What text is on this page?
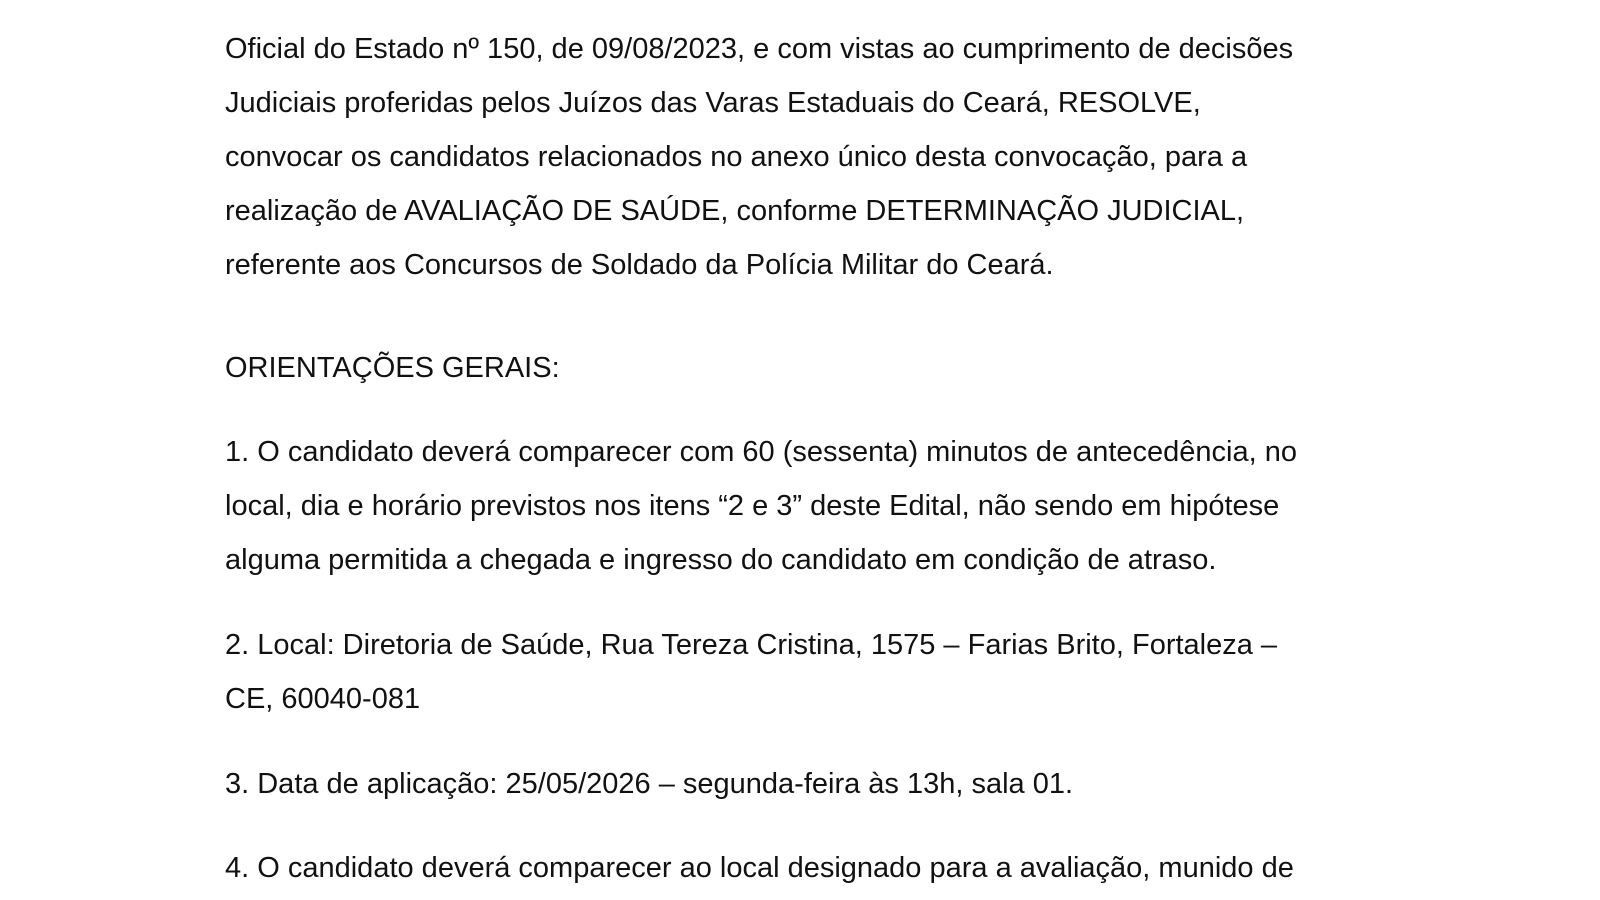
Oficial do Estado nº 150, de 09/08/2023, e com vistas ao cumprimento de decisões
Judiciais proferidas pelos Juízos das Varas Estaduais do Ceará, RESOLVE,
convocar os candidatos relacionados no anexo único desta convocação, para a
realização de AVALIAÇÃO DE SAÚDE, conforme DETERMINAÇÃO JUDICIAL,
referente aos Concursos de Soldado da Polícia Militar do Ceará.
ORIENTAÇÕES GERAIS:
1. O candidato deverá comparecer com 60 (sessenta) minutos de antecedência, no
local, dia e horário previstos nos itens “2 e 3” deste Edital, não sendo em hipótese
alguma permitida a chegada e ingresso do candidato em condição de atraso.
2. Local: Diretoria de Saúde, Rua Tereza Cristina, 1575 – Farias Brito, Fortaleza –
CE, 60040-081
3. Data de aplicação: 25/05/2026 – segunda-feira às 13h, sala 01.
4. O candidato deverá comparecer ao local designado para a avaliação, munido de
